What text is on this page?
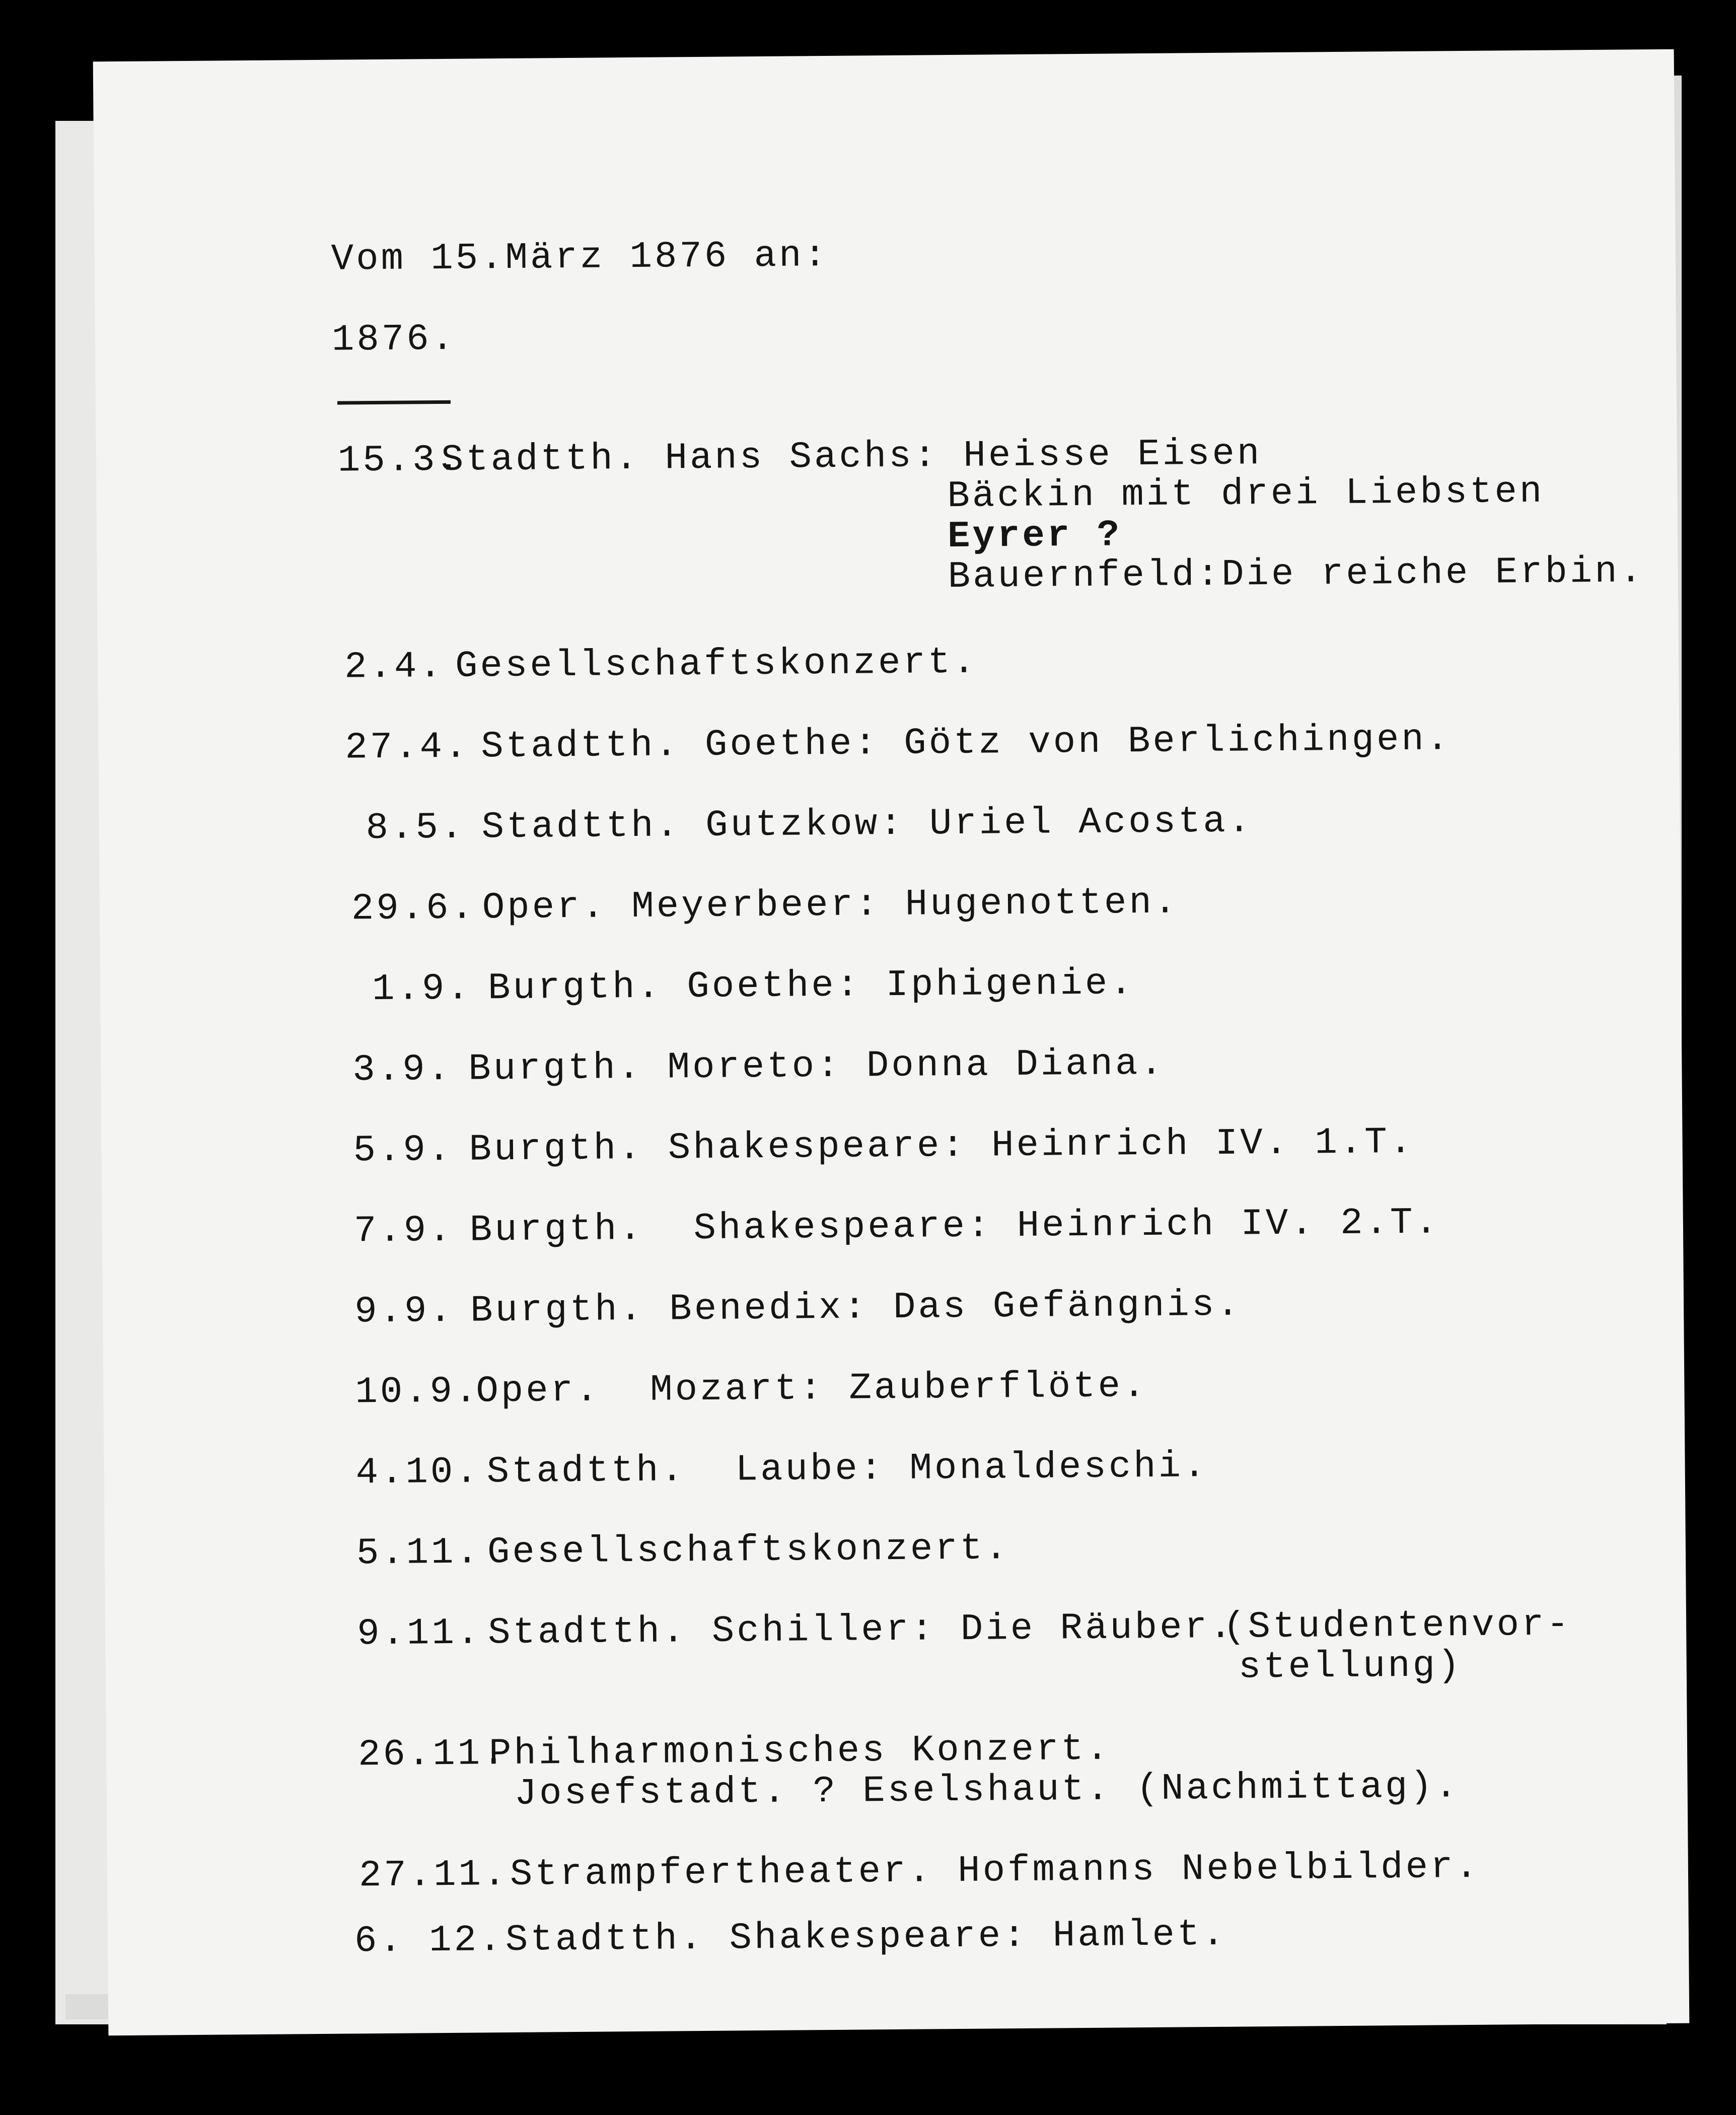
Vom 15.März 1876 an:
1876.
15.3.
Stadtth. Hans Sachs: Heisse Eisen
Bäckin mit drei Liebsten
Eyrer ?
Bauernfeld:Die reiche Erbin.
2.4. Gesellschaftskonzert.
27.4. Stadtth. Goethe: Götz von Berlichingen.
8.5. Stadtth. Gutzkow: Uriel Acosta.
29.6. Oper. Meyerbeer: Hugenotten.
1.9. Burgth. Goethe: Iphigenie.
3.9. Burgth. Moreto: Donna Diana.
5.9. Burgth. Shakespeare: Heinrich IV. 1.T.
7.9. Burgth.  Shakespeare: Heinrich IV. 2.T.
9.9. Burgth. Benedix: Das Gefängnis.
10.9.
Oper.  Mozart: Zauberflöte.
4.10. Stadtth.  Laube: Monaldeschi.
5.11. Gesellschaftskonzert.
9.11. Stadtth. Schiller: Die Räuber.
(Studentenvor-
stellung)
26.11.
Philharmonisches Konzert.
Josefstadt. ? Eselshaut. (Nachmittag).
27.11. Strampfertheater. Hofmanns Nebelbilder.
6. 12. Stadtth. Shakespeare: Hamlet.
